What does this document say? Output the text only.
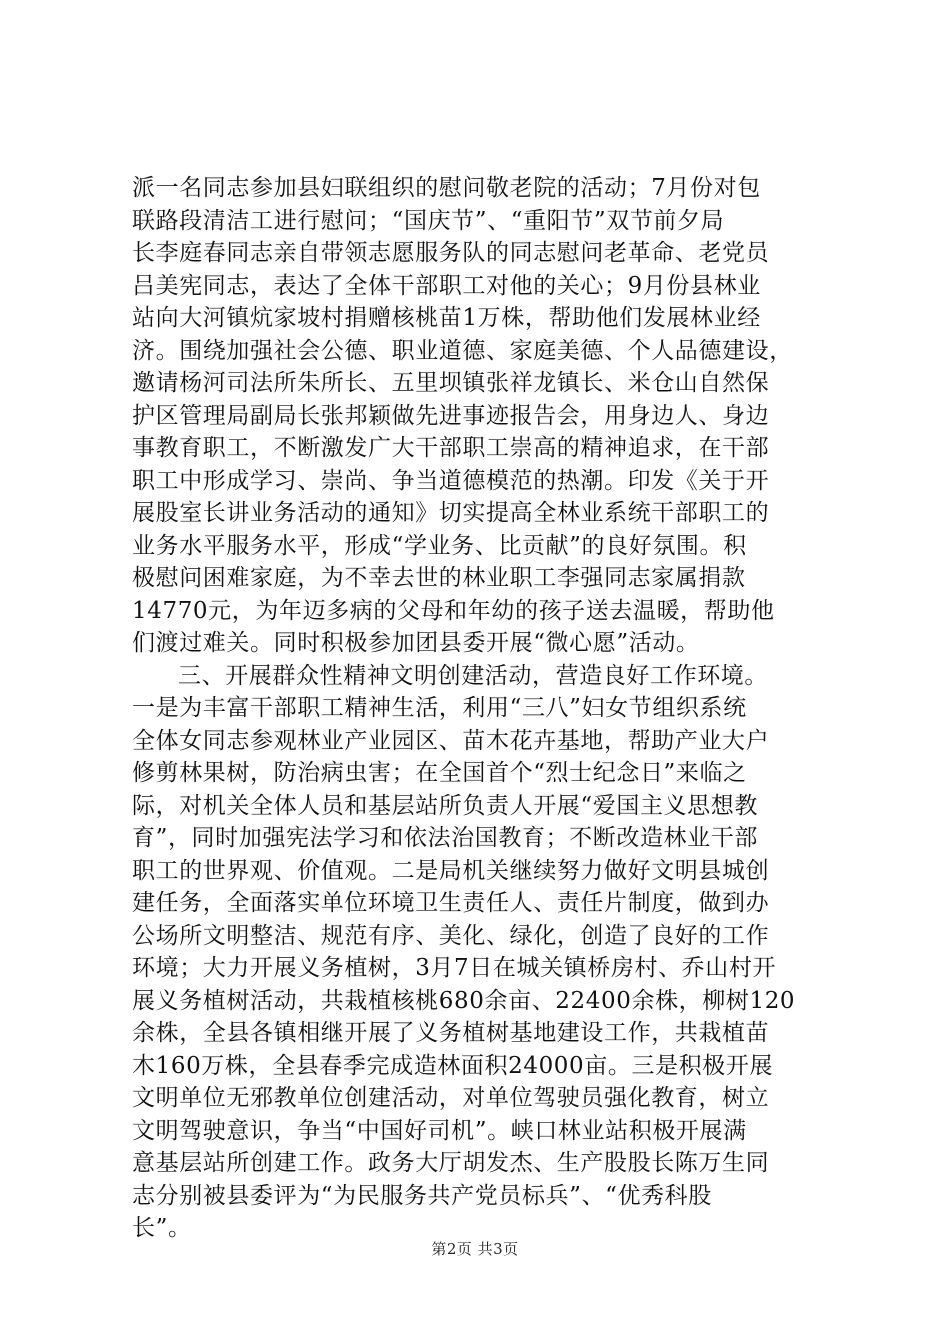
派一名同志参加县妇联组织的慰问敬老院的活动；7月份对包
联路段清洁工进行慰问；“国庆节”、“重阳节”双节前夕局
长李庭春同志亲自带领志愿服务队的同志慰问老革命、老党员
吕美宪同志，表达了全体干部职工对他的关心；9月份县林业
站向大河镇炕家坡村捐赠核桃苗1万株，帮助他们发展林业经
济。围绕加强社会公德、职业道德、家庭美德、个人品德建设，
邀请杨河司法所朱所长、五里坝镇张祥龙镇长、米仓山自然保
护区管理局副局长张邦颖做先进事迹报告会，用身边人、身边
事教育职工，不断激发广大干部职工崇高的精神追求，在干部
职工中形成学习、崇尚、争当道德模范的热潮。印发《关于开
展股室长讲业务活动的通知》切实提高全林业系统干部职工的
业务水平服务水平，形成“学业务、比贡献”的良好氛围。积
极慰问困难家庭，为不幸去世的林业职工李强同志家属捐款
14770元，为年迈多病的父母和年幼的孩子送去温暖，帮助他
们渡过难关。同时积极参加团县委开展“微心愿”活动。
三、开展群众性精神文明创建活动，营造良好工作环境。
一是为丰富干部职工精神生活，利用“三八”妇女节组织系统
全体女同志参观林业产业园区、苗木花卉基地，帮助产业大户
修剪林果树，防治病虫害；在全国首个“烈士纪念日”来临之
际，对机关全体人员和基层站所负责人开展“爱国主义思想教
育”，同时加强宪法学习和依法治国教育；不断改造林业干部
职工的世界观、价值观。二是局机关继续努力做好文明县城创
建任务，全面落实单位环境卫生责任人、责任片制度，做到办
公场所文明整洁、规范有序、美化、绿化，创造了良好的工作
环境；大力开展义务植树，3月7日在城关镇桥房村、乔山村开
展义务植树活动，共栽植核桃680余亩、22400余株，柳树120
余株，全县各镇相继开展了义务植树基地建设工作，共栽植苗
木160万株，全县春季完成造林面积24000亩。三是积极开展
文明单位无邪教单位创建活动，对单位驾驶员强化教育，树立
文明驾驶意识，争当“中国好司机”。峡口林业站积极开展满
意基层站所创建工作。政务大厅胡发杰、生产股股长陈万生同
志分别被县委评为“为民服务共产党员标兵”、“优秀科股
长”。
第2页 共3页
